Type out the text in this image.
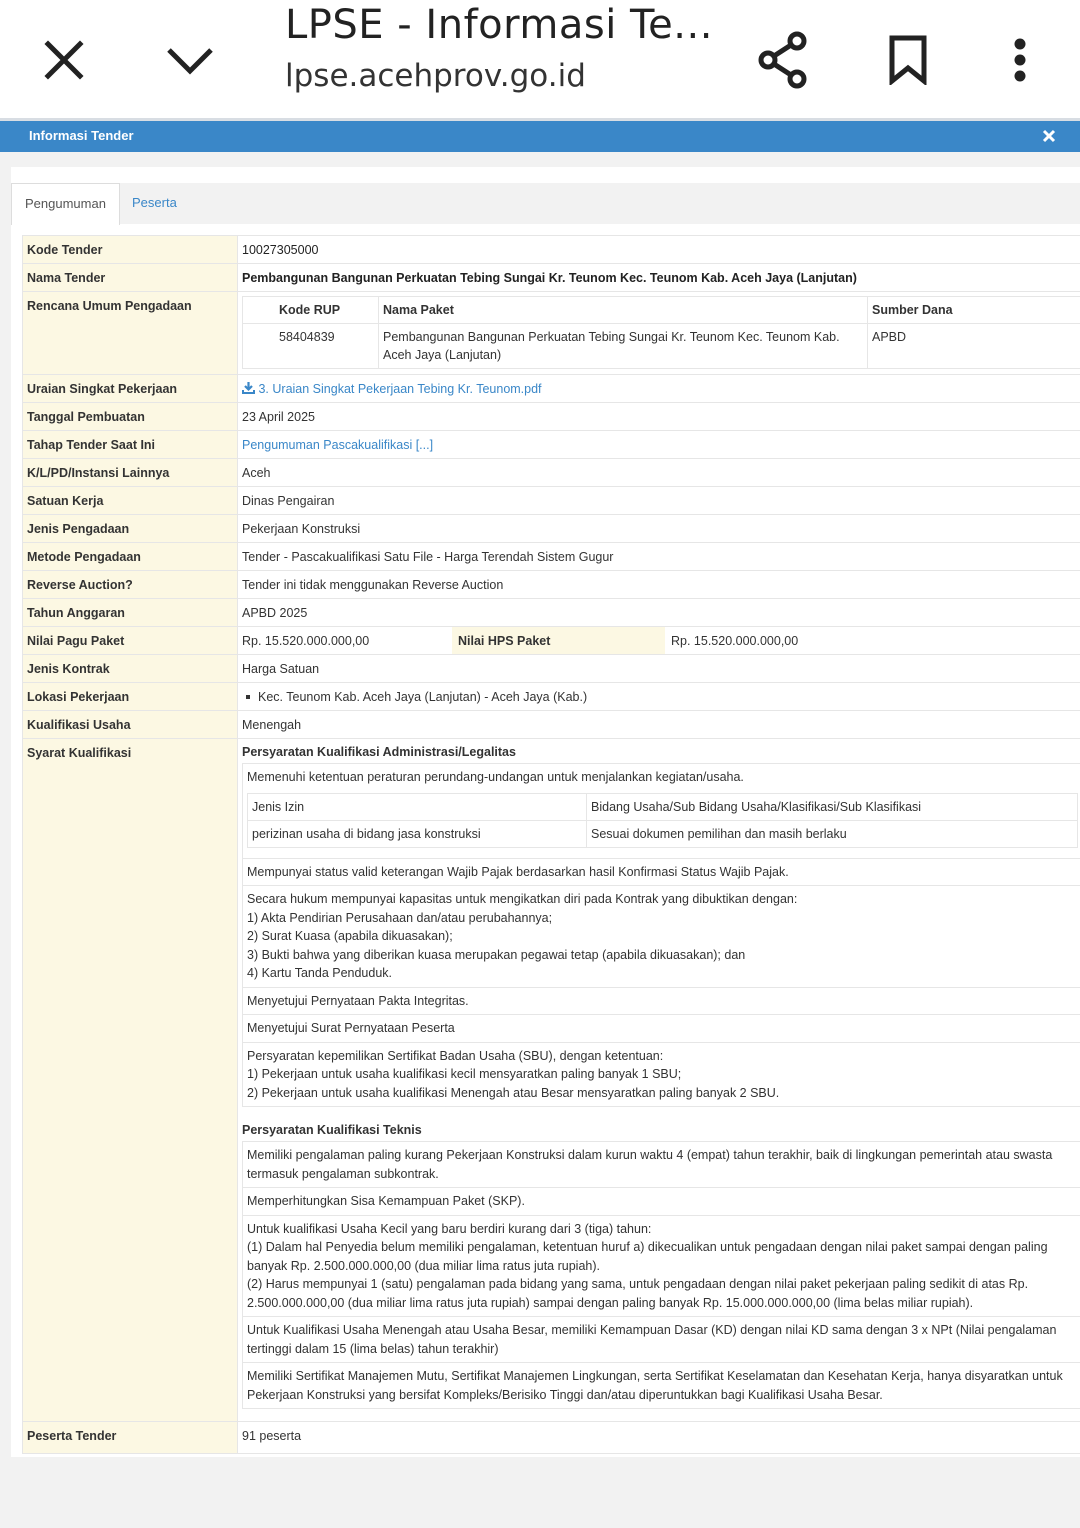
LPSE - Informasi Te...
lpse.acehprov.go.id
Informasi Tender
Pengumuman	Peserta
Kode Tender	10027305000
Nama Tender	Pembangunan Bangunan Perkuatan Tebing Sungai Kr. Teunom Kec. Teunom Kab. Aceh Jaya (Lanjutan)
Rencana Umum Pengadaan		Kode RUP	Nama Paket	Sumber Dana
58404839	Pembangunan Bangunan Perkuatan Tebing Sungai Kr. Teunom Kec. Teunom Kab. Aceh Jaya (Lanjutan)	APBD

Uraian Singkat Pekerjaan	3. Uraian Singkat Pekerjaan Tebing Kr. Teunom.pdf
Tanggal Pembuatan	23 April 2025
Tahap Tender Saat Ini	Pengumuman Pascakualifikasi [...]
K/L/PD/Instansi Lainnya	Aceh
Satuan Kerja	Dinas Pengairan
Jenis Pengadaan	Pekerjaan Konstruksi
Metode Pengadaan	Tender - Pascakualifikasi Satu File - Harga Terendah Sistem Gugur
Reverse Auction?	Tender ini tidak menggunakan Reverse Auction
Tahun Anggaran	APBD 2025
Nilai Pagu Paket		Rp. 15.520.000.000,00	Nilai HPS Paket	Rp. 15.520.000.000,00

Jenis Kontrak	Harga Satuan
Lokasi Pekerjaan	Kec. Teunom Kab. Aceh Jaya (Lanjutan) - Aceh Jaya (Kab.)
Kualifikasi Usaha	Menengah
Syarat Kualifikasi	Persyaratan Kualifikasi Administrasi/Legalitas
Memenuhi ketentuan peraturan perundang-undangan untuk menjalankan kegiatan/usaha.
Jenis Izin	Bidang Usaha/Sub Bidang Usaha/Klasifikasi/Sub Klasifikasi
perizinan usaha di bidang jasa konstruksi	Sesuai dokumen pemilihan dan masih berlaku

Mempunyai status valid keterangan Wajib Pajak berdasarkan hasil Konfirmasi Status Wajib Pajak.
Secara hukum mempunyai kapasitas untuk mengikatkan diri pada Kontrak yang dibuktikan dengan:
1) Akta Pendirian Perusahaan dan/atau perubahannya;
2) Surat Kuasa (apabila dikuasakan);
3) Bukti bahwa yang diberikan kuasa merupakan pegawai tetap (apabila dikuasakan); dan
4) Kartu Tanda Penduduk.
Menyetujui Pernyataan Pakta Integritas.
Menyetujui Surat Pernyataan Peserta
Persyaratan kepemilikan Sertifikat Badan Usaha (SBU), dengan ketentuan:
1) Pekerjaan untuk usaha kualifikasi kecil mensyaratkan paling banyak 1 SBU;
2) Pekerjaan untuk usaha kualifikasi Menengah atau Besar mensyaratkan paling banyak 2 SBU.
Persyaratan Kualifikasi Teknis
Memiliki pengalaman paling kurang Pekerjaan Konstruksi dalam kurun waktu 4 (empat) tahun terakhir, baik di lingkungan pemerintah atau swasta termasuk pengalaman subkontrak.
Memperhitungkan Sisa Kemampuan Paket (SKP).
Untuk kualifikasi Usaha Kecil yang baru berdiri kurang dari 3 (tiga) tahun:
(1) Dalam hal Penyedia belum memiliki pengalaman, ketentuan huruf a) dikecualikan untuk pengadaan dengan nilai paket sampai dengan paling banyak Rp. 2.500.000.000,00 (dua miliar lima ratus juta rupiah).
(2) Harus mempunyai 1 (satu) pengalaman pada bidang yang sama, untuk pengadaan dengan nilai paket pekerjaan paling sedikit di atas Rp. 2.500.000.000,00 (dua miliar lima ratus juta rupiah) sampai dengan paling banyak Rp. 15.000.000.000,00 (lima belas miliar rupiah).
Untuk Kualifikasi Usaha Menengah atau Usaha Besar, memiliki Kemampuan Dasar (KD) dengan nilai KD sama dengan 3 x NPt (Nilai pengalaman tertinggi dalam 15 (lima belas) tahun terakhir)
Memiliki Sertifikat Manajemen Mutu, Sertifikat Manajemen Lingkungan, serta Sertifikat Keselamatan dan Kesehatan Kerja, hanya disyaratkan untuk Pekerjaan Konstruksi yang bersifat Kompleks/Berisiko Tinggi dan/atau diperuntukkan bagi Kualifikasi Usaha Besar.

Peserta Tender	91 peserta
